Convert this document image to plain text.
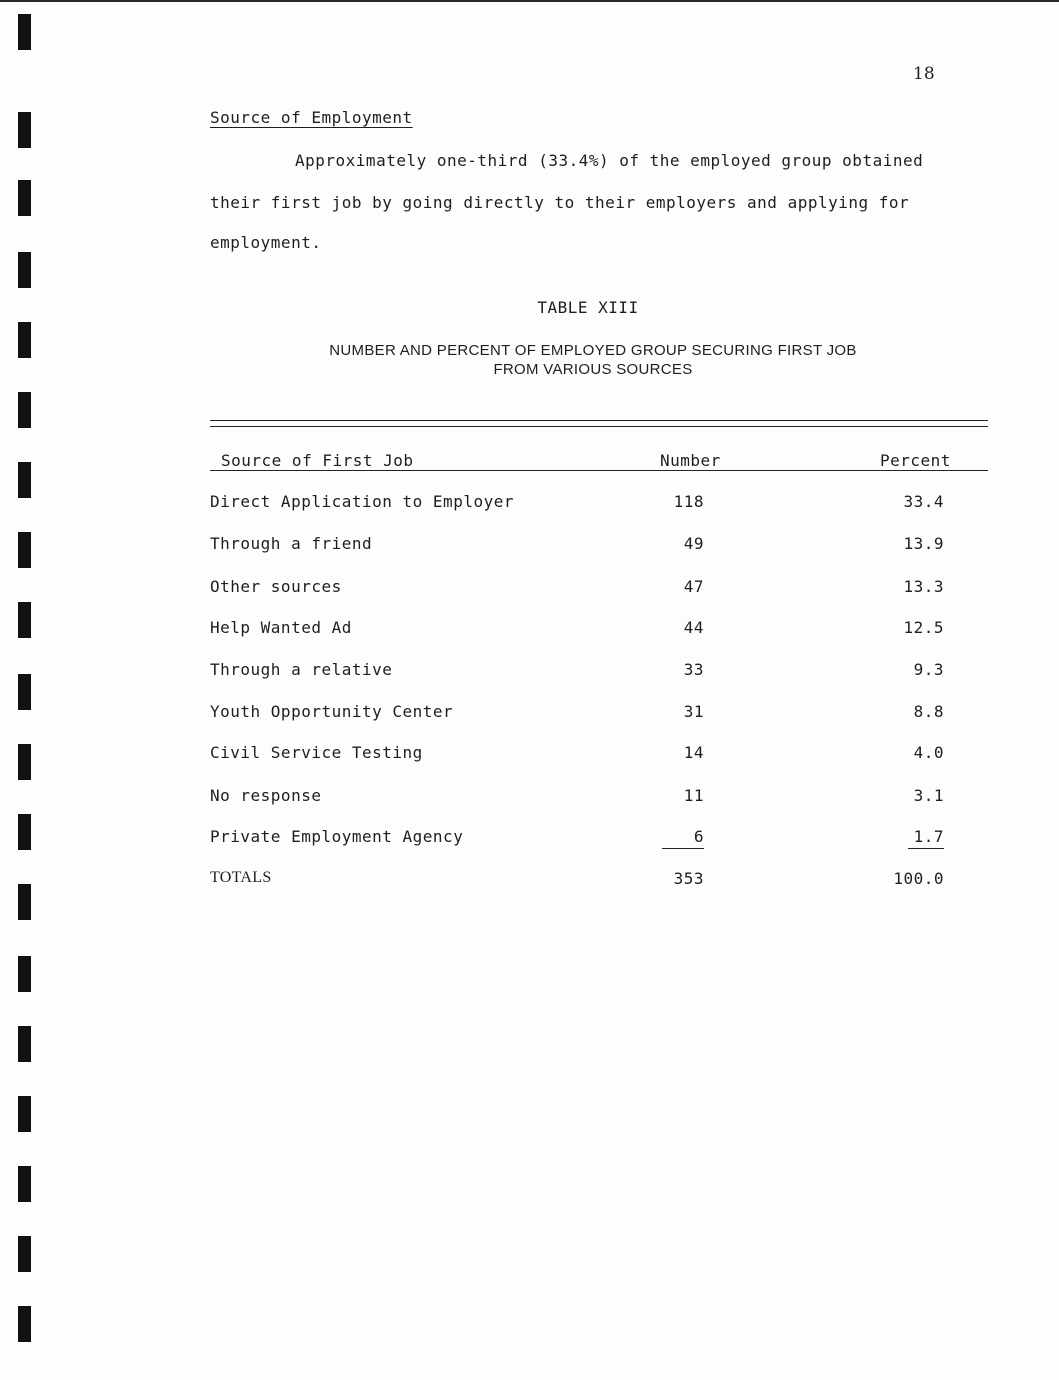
18
Source of Employment
Approximately one-third (33.4%) of the employed group obtained
their first job by going directly to their employers and applying for
employment.
TABLE XIII
NUMBER AND PERCENT OF EMPLOYED GROUP SECURING FIRST JOB
FROM VARIOUS SOURCES
Source of First Job	Number	Percent
Direct Application to Employer	118	33.4
Through a friend	49	13.9
Other sources	47	13.3
Help Wanted Ad	44	12.5
Through a relative	33	9.3
Youth Opportunity Center	31	8.8
Civil Service Testing	14	4.0
No response	11	3.1
Private Employment Agency	6	1.7
TOTALS	353	100.0
